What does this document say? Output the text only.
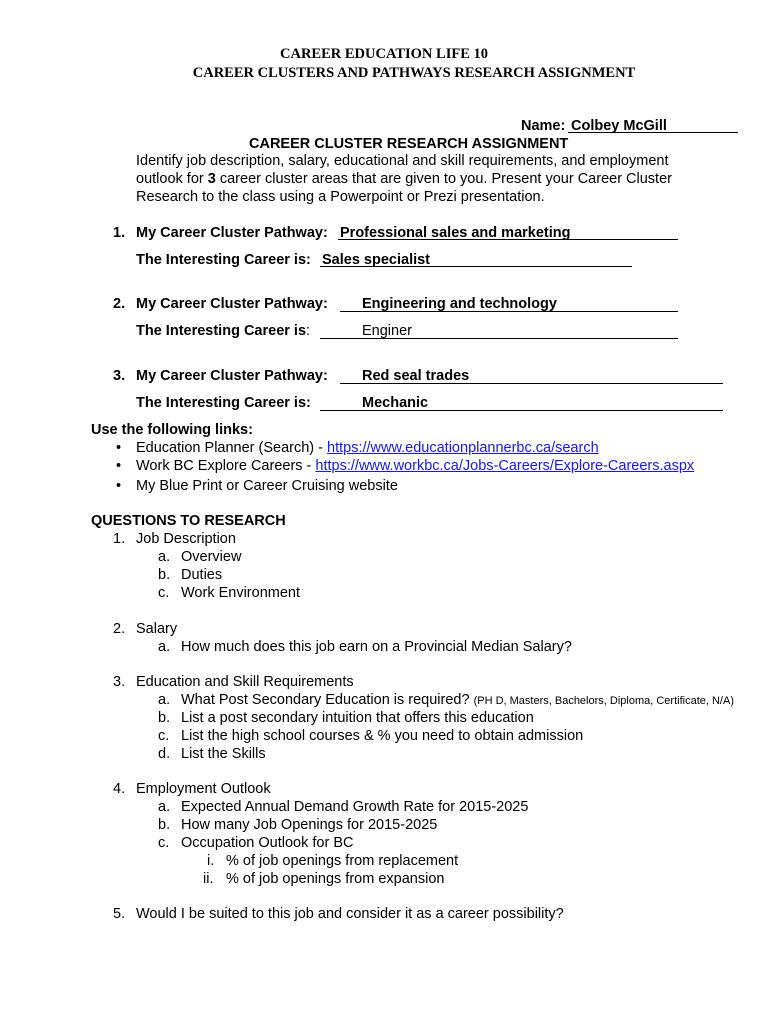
CAREER EDUCATION LIFE 10
CAREER CLUSTERS AND PATHWAYS RESEARCH ASSIGNMENT
Name: Colbey McGill
CAREER CLUSTER RESEARCH ASSIGNMENT
Identify job description, salary, educational and skill requirements, and employment
outlook for 3 career cluster areas that are given to you. Present your Career Cluster
Research to the class using a Powerpoint or Prezi presentation.
1. My Career Cluster Pathway: Professional sales and marketing
The Interesting Career is: Sales specialist
2. My Career Cluster Pathway: Engineering and technology
The Interesting Career is:	Enginer
3. My Career Cluster Pathway: Red seal trades
The Interesting Career is:	Mechanic
Use the following links:
• Education Planner (Search) - https://www.educationplannerbc.ca/search
• Work BC Explore Careers - https://www.workbc.ca/Jobs-Careers/Explore-Careers.aspx
• My Blue Print or Career Cruising website
QUESTIONS TO RESEARCH
1. Job Description
a. Overview
b. Duties
c. Work Environment
2. Salary
a. How much does this job earn on a Provincial Median Salary?
3. Education and Skill Requirements
a. What Post Secondary Education is required? (PH D, Masters, Bachelors, Diploma, Certificate, N/A)
b. List a post secondary intuition that offers this education
c. List the high school courses & % you need to obtain admission
d. List the Skills
4. Employment Outlook
a. Expected Annual Demand Growth Rate for 2015-2025
b. How many Job Openings for 2015-2025
c. Occupation Outlook for BC
i. % of job openings from replacement
ii. % of job openings from expansion
5. Would I be suited to this job and consider it as a career possibility?
